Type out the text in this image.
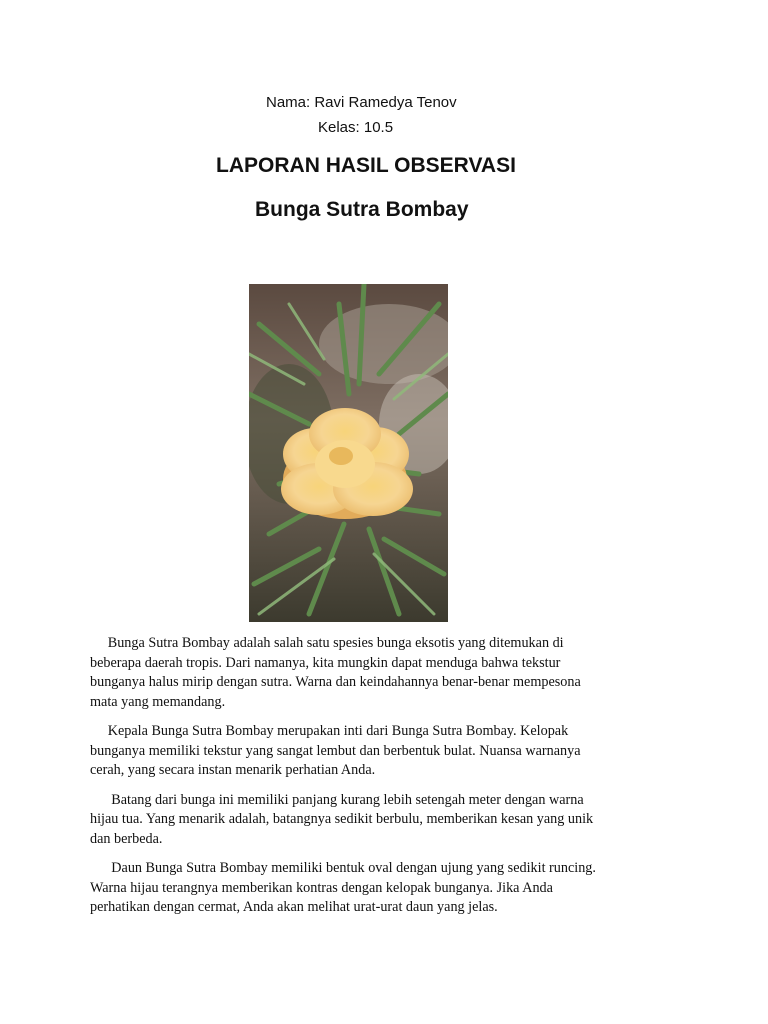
Nama: Ravi Ramedya Tenov

Kelas: 10.5

LAPORAN HASIL OBSERVASI
Bunga Sutra Bombay

Bunga Sutra Bombay adalah salah satu spesies bunga eksotis yang ditemukan di
beberapa daerah tropis. Dari namanya, kita mungkin dapat menduga bahwa tekstur
bunganya halus mirip dengan sutra. Warna dan keindahannya benar-benar mempesona
mata yang memandang.

Kepala Bunga Sutra Bombay merupakan inti dari Bunga Sutra Bombay. Kelopak
bunganya memiliki tekstur yang sangat lembut dan berbentuk bulat. Nuansa warnanya
cerah, yang secara instan menarik perhatian Anda.

Batang dari bunga ini memiliki panjang kurang lebih setengah meter dengan warna
hijau tua. Yang menarik adalah, batangnya sedikit berbulu, memberikan kesan yang unik
dan berbeda.

Daun Bunga Sutra Bombay memiliki bentuk oval dengan ujung yang sedikit runcing.
Warna hijau terangnya memberikan kontras dengan kelopak bunganya. Jika Anda
perhatikan dengan cermat, Anda akan melihat urat-urat daun yang jelas.
